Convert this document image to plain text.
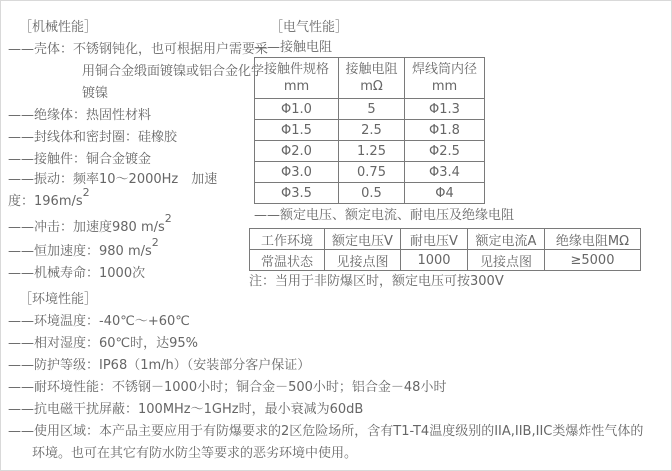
［机械性能］
——壳体：不锈钢钝化，也可根据用户需要采
用铜合金缎面镀镍或铝合金化学
镀镍
——绝缘体：热固性材料
——封线体和密封圈：硅橡胶
——接触件：铜合金镀金
——振动：频率10～2000Hz　加速
度：$196m/s^2$
——冲击：加速度980 $m/s^2$
——恒加速度：980 $m/s^2$
——机械寿命：1000次
［电气性能］
——接触电阻
接触件规格mm	接触电阻mΩ	焊线筒内径mm
Φ1.0	5	Φ1.3
Φ1.5	2.5	Φ1.8
Φ2.0	1.25	Φ2.5
Φ3.0	0.75	Φ3.4
Φ3.5	0.5	Φ4
——额定电压、额定电流、耐电压及绝缘电阻
工作环境	额定电压V	耐电压V	额定电流A	绝缘电阻MΩ
常温状态	见接点图	1000	见接点图	≥5000
注：当用于非防爆区时，额定电压可按300V
［环境性能］
——环境温度：-40℃～+60℃
——相对湿度：60℃时，达95%
——防护等级：IP68（1m/h）（安装部分客户保证）
——耐环境性能：不锈钢－1000小时；铜合金－500小时；铝合金－48小时
——抗电磁干扰屏蔽：100MHz～1GHz时，最小衰减为60dB
——使用区域：本产品主要应用于有防爆要求的2区危险场所，含有T1-T4温度级别的IIA,IIB,IIC类爆炸性气体的
环境。也可在其它有防水防尘等要求的恶劣环境中使用。
